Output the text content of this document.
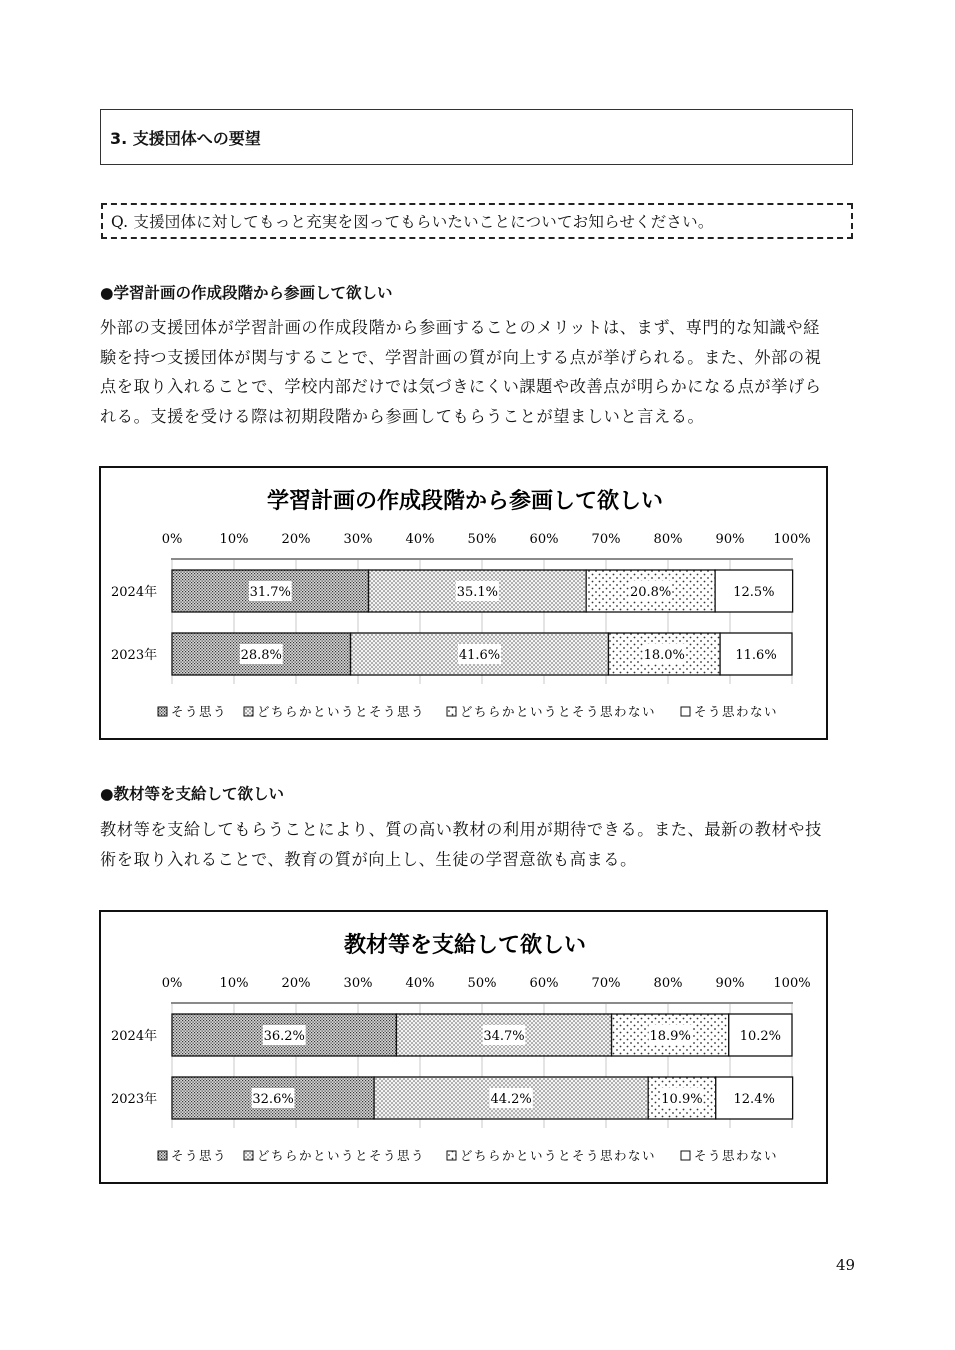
3. 支援団体への要望
Q. 支援団体に対してもっと充実を図ってもらいたいことについてお知らせください。
●学習計画の作成段階から参画して欲しい
外部の支援団体が学習計画の作成段階から参画することのメリットは、まず、専門的な知識や経
験を持つ支援団体が関与することで、学習計画の質が向上する点が挙げられる。また、外部の視
点を取り入れることで、学校内部だけでは気づきにくい課題や改善点が明らかになる点が挙げら
れる。支援を受ける際は初期段階から参画してもらうことが望ましいと言える。
学習計画の作成段階から参画して欲しい
0%	10%	20%	30%	40%	50%	60%	70%	80%	90% 100%
2024年	31.7%	35.1%	20.8%	12.5%
2023年	28.8%	41.6%	18.0%	11.6%
そう思う どちらかというとそう思う	どちらかというとそう思わない	そう思わない
●教材等を支給して欲しい
教材等を支給してもらうことにより、質の高い教材の利用が期待できる。また、最新の教材や技
術を取り入れることで、教育の質が向上し、生徒の学習意欲も高まる。
教材等を支給して欲しい
0%	10%	20%	30%	40%	50%	60%	70%	80%	90% 100%
2024年	36.2%	34.7%	18.9%	10.2%
2023年	32.6%	44.2%	10.9% 12.4%
そう思う どちらかというとそう思う	どちらかというとそう思わない	そう思わない
49
